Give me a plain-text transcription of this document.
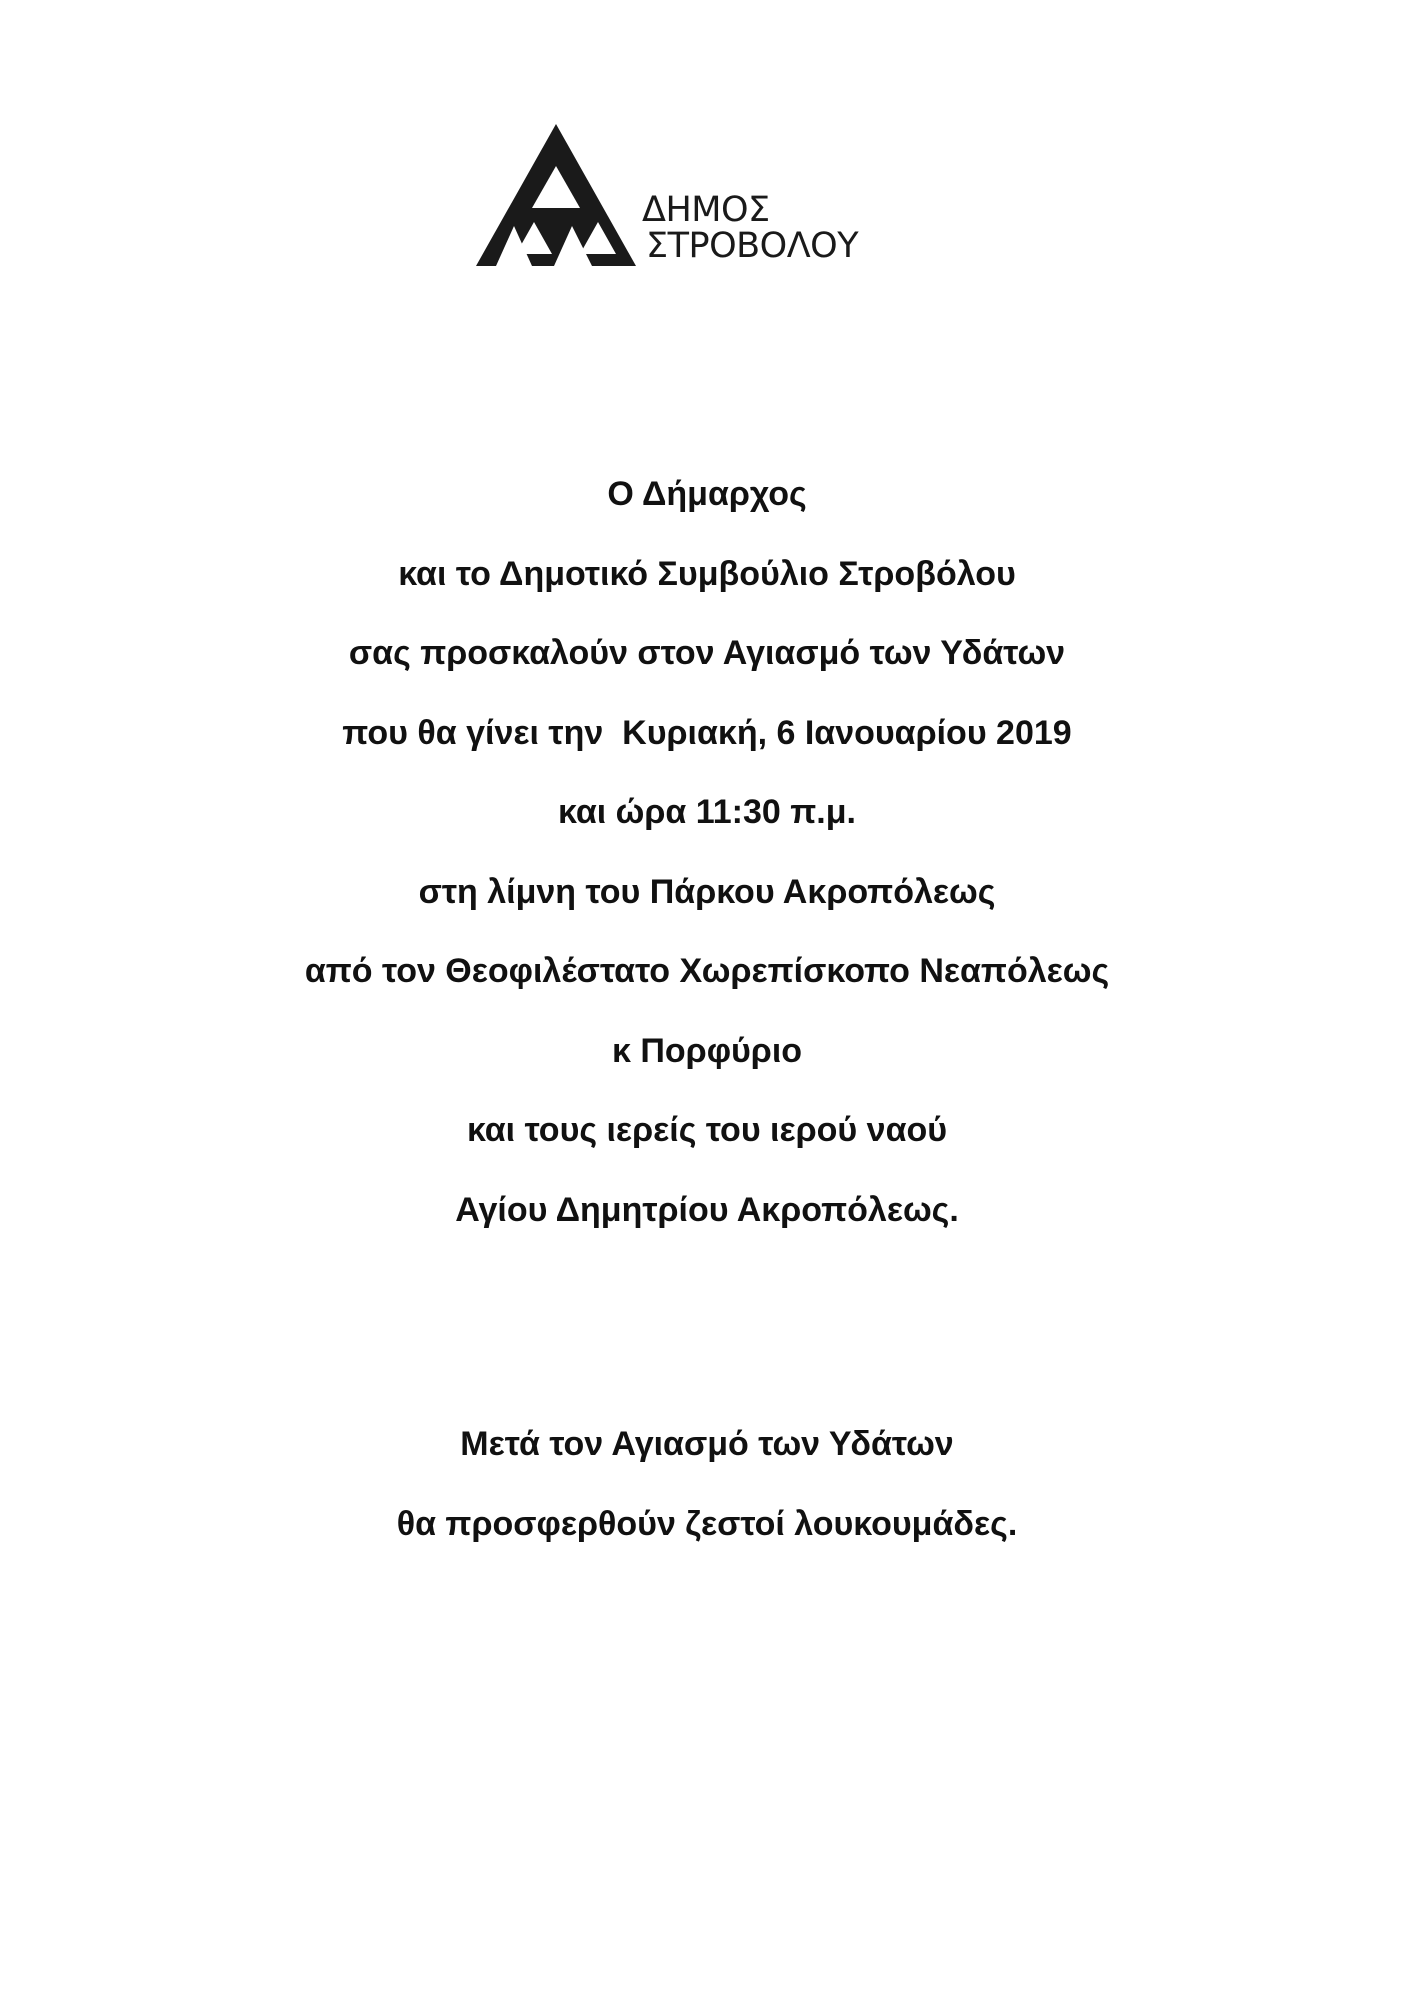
ΔΗΜΟΣ
ΣΤΡΟΒΟΛΟΥ
Ο Δήμαρχος
και το Δημοτικό Συμβούλιο Στροβόλου
σας προσκαλούν στον Αγιασμό των Υδάτων
που θα γίνει την  Κυριακή, 6 Ιανουαρίου 2019
και ώρα 11:30 π.μ.
στη λίμνη του Πάρκου Ακροπόλεως
από τον Θεοφιλέστατο Χωρεπίσκοπο Νεαπόλεως
κ Πορφύριο
και τους ιερείς του ιερού ναού
Αγίου Δημητρίου Ακροπόλεως.
Μετά τον Αγιασμό των Υδάτων
θα προσφερθούν ζεστοί λουκουμάδες.
